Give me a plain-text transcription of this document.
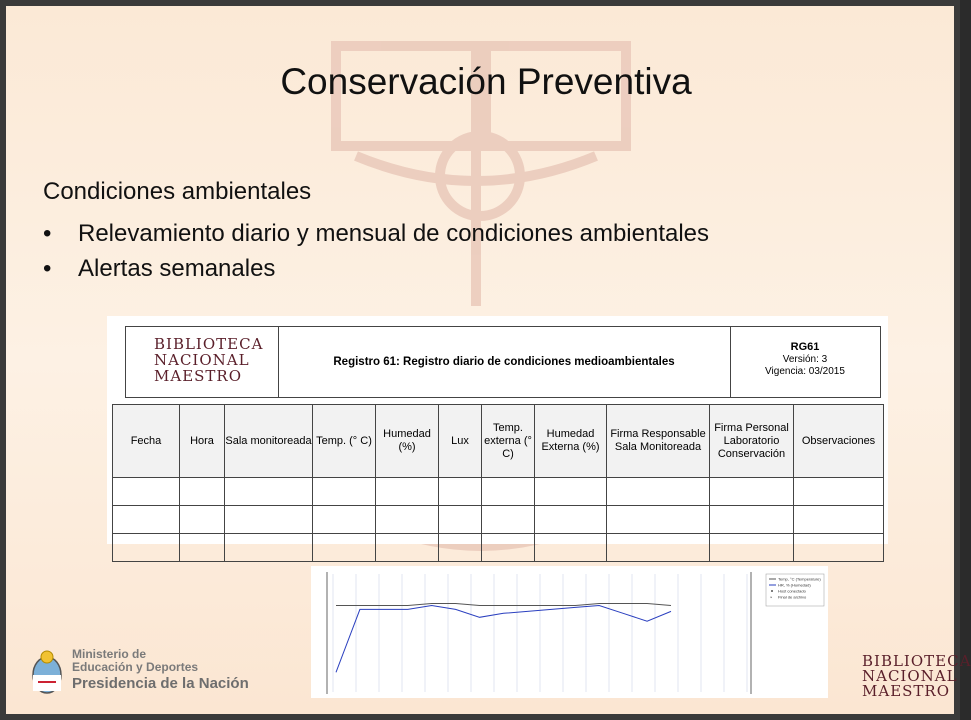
Conservación Preventiva
Condiciones ambientales
• Relevamiento diario y mensual de condiciones ambientales
• Alertas semanales
BIBLIOTECA
NACIONAL
MAESTRO
Registro 61: Registro diario de condiciones medioambientales
RG61
Versión: 3
Vigencia: 03/2015
Fecha	Hora	Sala monitoreada	Temp. (° C)	Humedad (%)	Lux	Temp. externa (° C)	Humedad Externa (%)	Firma Responsable Sala Monitoreada	Firma Personal Laboratorio Conservación	Observaciones

Temp, °C (Temperature)
HR, % (Humedad)
Host conectado
× Final de archivo
Ministerio de
Educación y Deportes
Presidencia de la Nación
BIBLIOTECA
NACIONAL
MAESTRO
